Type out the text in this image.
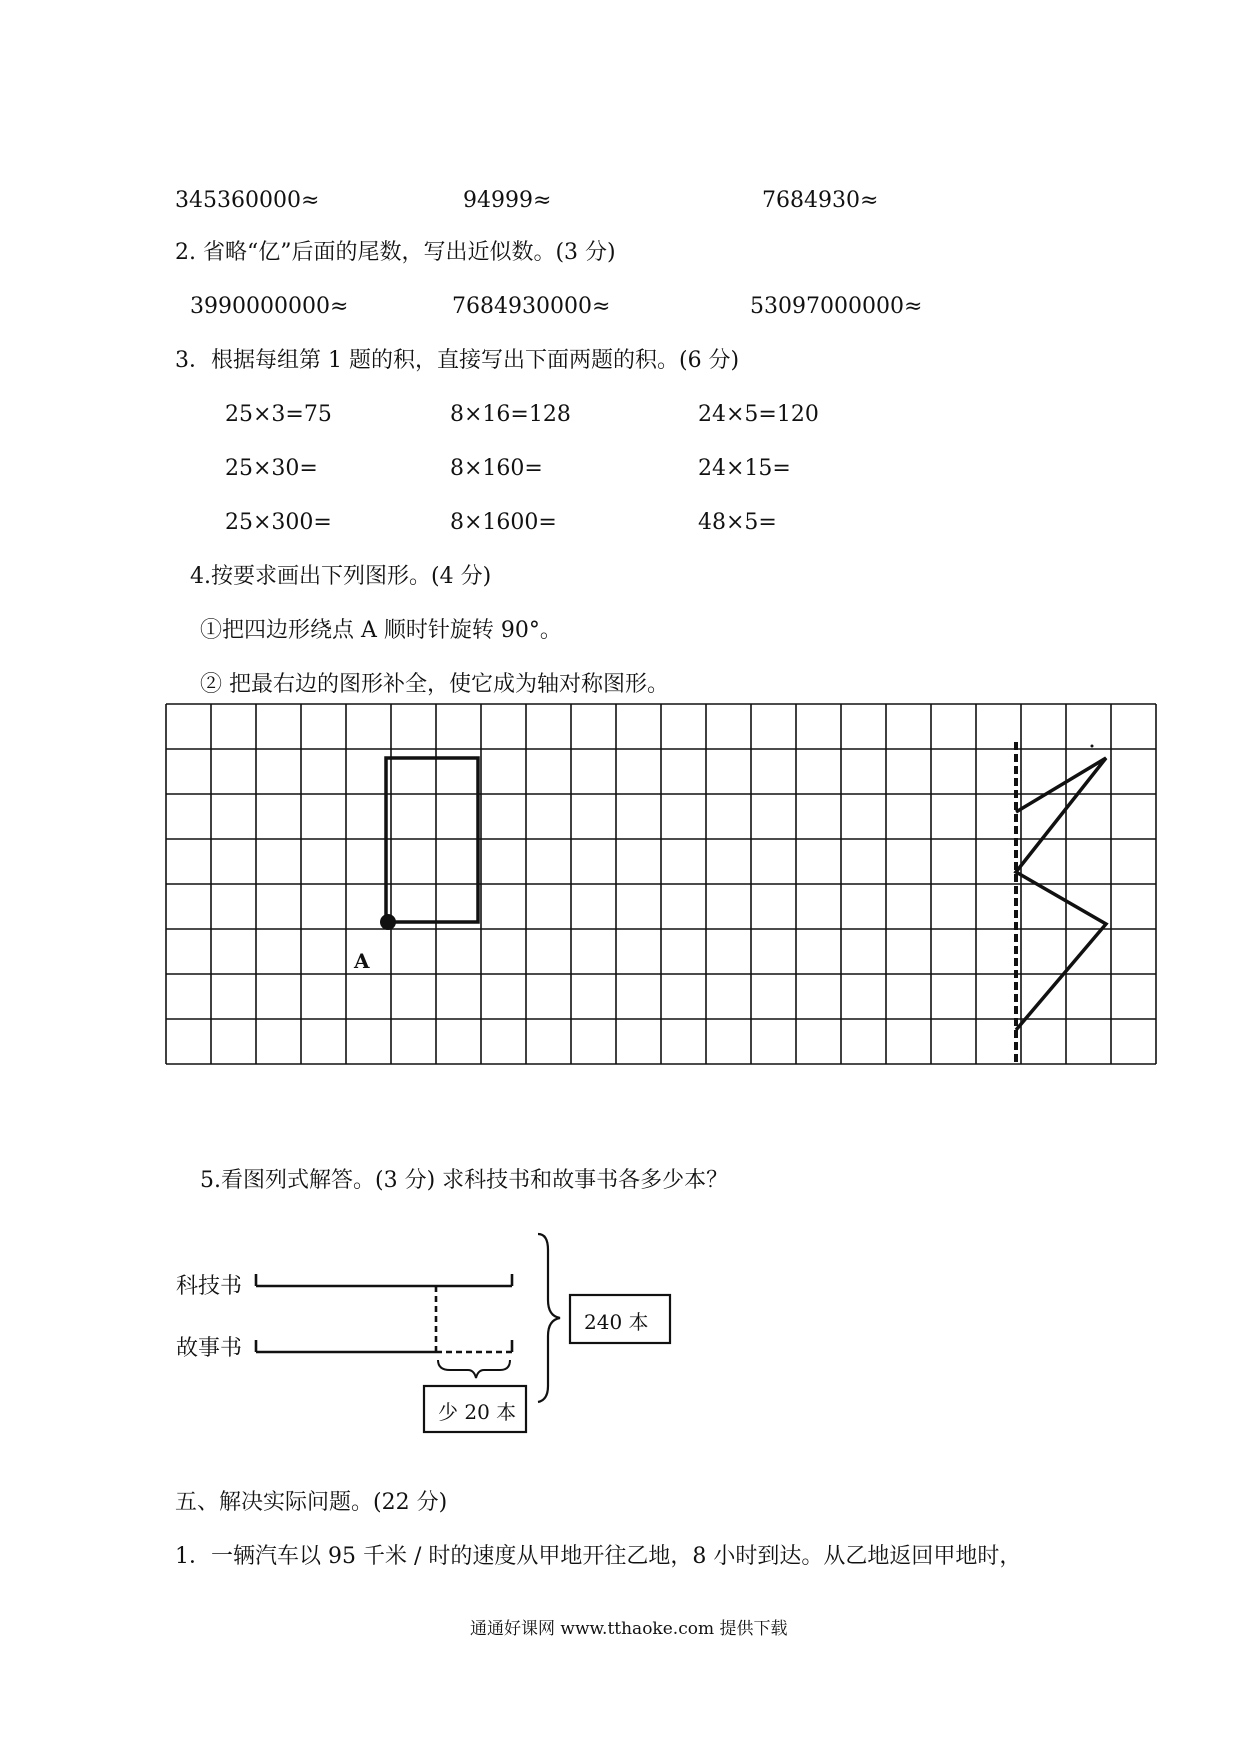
345360000≈	94999≈	7684930≈
2. 省略“亿”后面的尾数，写出近似数。(3 分)
3990000000≈	7684930000≈	53097000000≈
3．根据每组第 1 题的积，直接写出下面两题的积。(6 分)
25×3=75	8×16=128	24×5=120
25×30=	8×160=	24×15=
25×300=	8×1600=	48×5=
4.按要求画出下列图形。(4 分)
①把四边形绕点 A 顺时针旋转 90°。
② 把最右边的图形补全，使它成为轴对称图形。
A
5.看图列式解答。(3 分) 求科技书和故事书各多少本？
科技书
故事书
240 本
少 20 本
五、解决实际问题。(22 分)
1．一辆汽车以 95 千米 / 时的速度从甲地开往乙地，8 小时到达。从乙地返回甲地时，
通通好课网 www.tthaoke.com 提供下载
